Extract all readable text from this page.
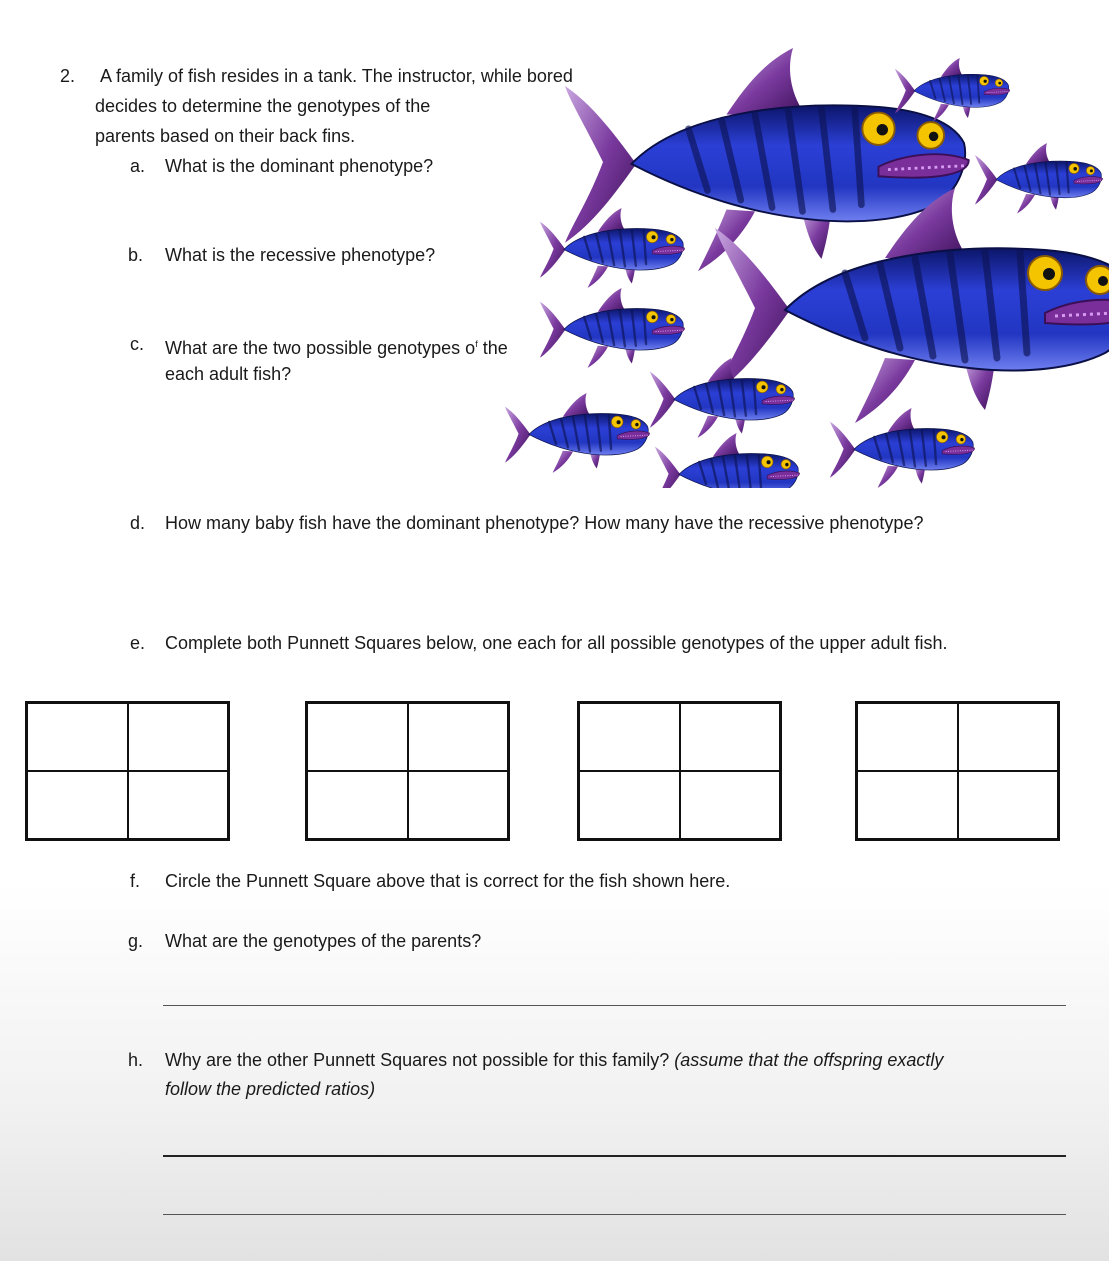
2. A family of fish resides in a tank. The instructor, while bored
decides to determine the genotypes of the
parents based on their back fins.
a. What is the dominant phenotype?
b. What is the recessive phenotype?
c. What are the two possible genotypes $o^f$ the
each adult fish?
d. How many baby fish have the dominant phenotype? How many have the recessive phenotype?
e. Complete both Punnett Squares below, one each for all possible genotypes of the upper adult fish.
f. Circle the Punnett Square above that is correct for the fish shown here.
g. What are the genotypes of the parents?
h. Why are the other Punnett Squares not possible for this family? (assume that the offspring exactly
follow the predicted ratios)
